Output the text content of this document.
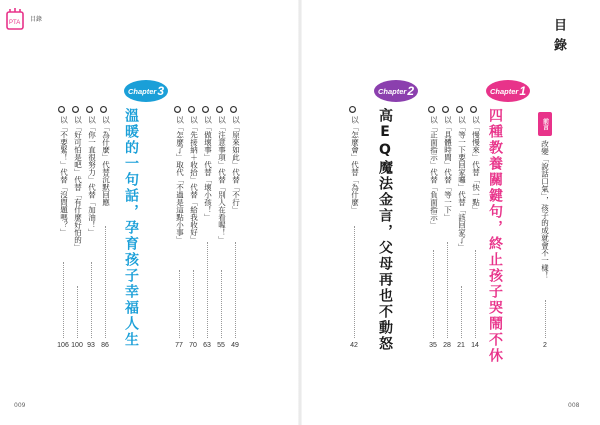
PTA 目錄
009	008
目錄
前言
改變「說話口氣」，孩子的成就會不一樣！
2
Chapter 1
四種教養關鍵句，終止孩子哭鬧不休
●
以「慢慢來」代替「快一點」
14
●
以「等一下要回家囉」代替「該回家了」
21
●
以「具體時間」代替「等一下」
28
●
以「正面指示」代替「負面指示」
35
Chapter 2
高EQ魔法金言，父母再也不動怒
●
以「怎麼會」代替「為什麼」
42
Chapter 3
溫暖的一句話，孕育孩子幸福人生	●
以「原來如此」代替「不行」
49
●
以「注意事項」代替「別人在看喔！」
55
●
以「做壞事」代替「壞小孩！」
63
●
以「先接納＋收拾」代替「給我收好」
70
●
以「怎麼了」取代「不過是這點小事」
77
●
以「為什麼」代替沉默回應
86
●
以「你一直很努力」代替「加油！」
93
●
以「好可怕是吧」代替「有什麼好怕的」
100
●
以「不要緊！」代替「沒問題嗎？」
106
